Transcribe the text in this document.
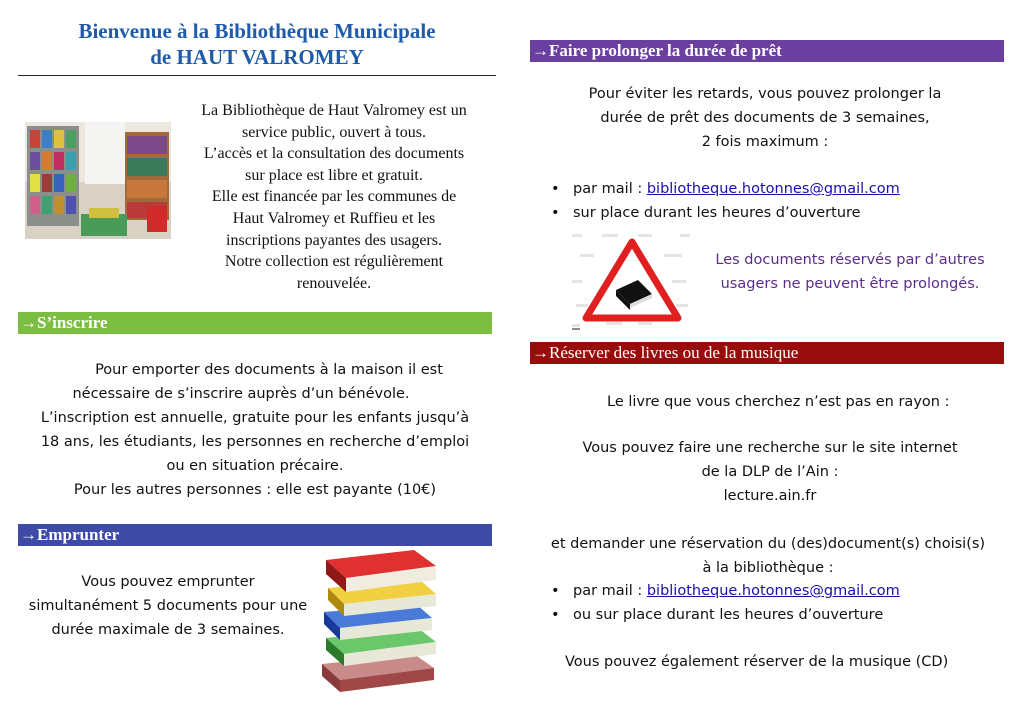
Bienvenue à la Bibliothèque Municipale
de HAUT VALROMEY
La Bibliothèque de Haut Valromey est un
service public, ouvert à tous.
L’accès et la consultation des documents
sur place est libre et gratuit.
Elle est financée par les communes de
Haut Valromey et Ruffieu et les
inscriptions payantes des usagers.
Notre collection est régulièrement
renouvelée.
→S’inscrire
Pour emporter des documents à la maison il est
nécessaire de s’inscrire auprès d’un bénévole.
L’inscription est annuelle, gratuite pour les enfants jusqu’à
18 ans, les étudiants, les personnes en recherche d’emploi
ou en situation précaire.
Pour les autres personnes : elle est payante (10€)
→Emprunter
Vous pouvez emprunter
simultanément 5 documents pour une
durée maximale de 3 semaines.
→Faire prolonger la durée de prêt
Pour éviter les retards, vous pouvez prolonger la
durée de prêt des documents de 3 semaines,
2 fois maximum :
• par mail : bibliotheque.hotonnes@gmail.com
• sur place durant les heures d’ouverture
Les documents réservés par d’autres
usagers ne peuvent être prolongés.
→Réserver des livres ou de la musique
Le livre que vous cherchez n’est pas en rayon :
Vous pouvez faire une recherche sur le site internet
de la DLP de l’Ain :
lecture.ain.fr
et demander une réservation du (des)document(s) choisi(s)
à la bibliothèque :
• par mail : bibliotheque.hotonnes@gmail.com
• ou sur place durant les heures d’ouverture
Vous pouvez également réserver de la musique (CD)
